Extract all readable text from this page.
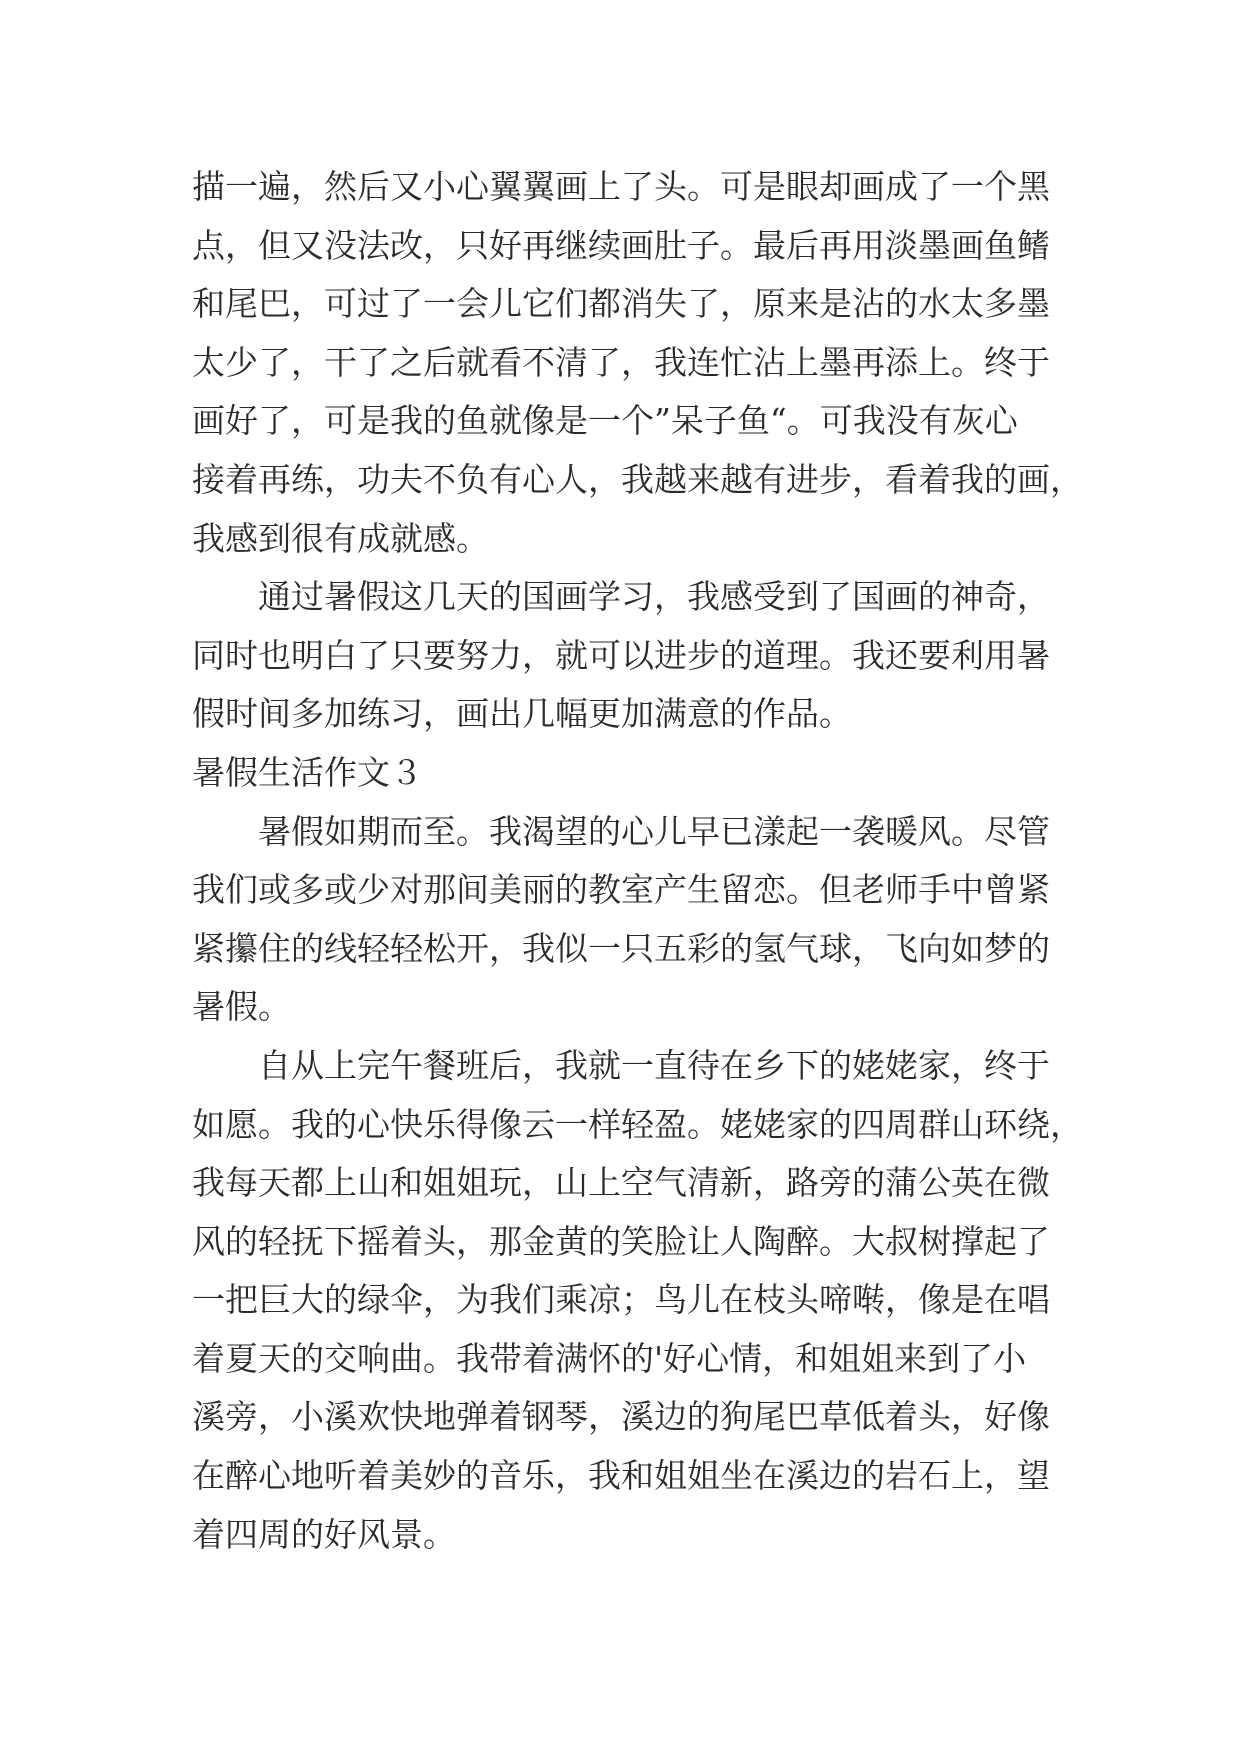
描一遍，然后又小心翼翼画上了头。可是眼却画成了一个黑
点，但又没法改，只好再继续画肚子。最后再用淡墨画鱼鳍
和尾巴，可过了一会儿它们都消失了，原来是沾的水太多墨
太少了，干了之后就看不清了，我连忙沾上墨再添上。终于
画好了，可是我的鱼就像是一个”呆子鱼“。可我没有灰心
接着再练，功夫不负有心人，我越来越有进步，看着我的画，
我感到很有成就感。
通过暑假这几天的国画学习，我感受到了国画的神奇，
同时也明白了只要努力，就可以进步的道理。我还要利用暑
假时间多加练习，画出几幅更加满意的作品。
暑假生活作文３
暑假如期而至。我渴望的心儿早已漾起一袭暖风。尽管
我们或多或少对那间美丽的教室产生留恋。但老师手中曾紧
紧攥住的线轻轻松开，我似一只五彩的氢气球，飞向如梦的
暑假。
自从上完午餐班后，我就一直待在乡下的姥姥家，终于
如愿。我的心快乐得像云一样轻盈。姥姥家的四周群山环绕，
我每天都上山和姐姐玩，山上空气清新，路旁的蒲公英在微
风的轻抚下摇着头，那金黄的笑脸让人陶醉。大叔树撑起了
一把巨大的绿伞，为我们乘凉；鸟儿在枝头啼啭，像是在唱
着夏天的交响曲。我带着满怀的'好心情，和姐姐来到了小
溪旁，小溪欢快地弹着钢琴，溪边的狗尾巴草低着头，好像
在醉心地听着美妙的音乐，我和姐姐坐在溪边的岩石上，望
着四周的好风景。
